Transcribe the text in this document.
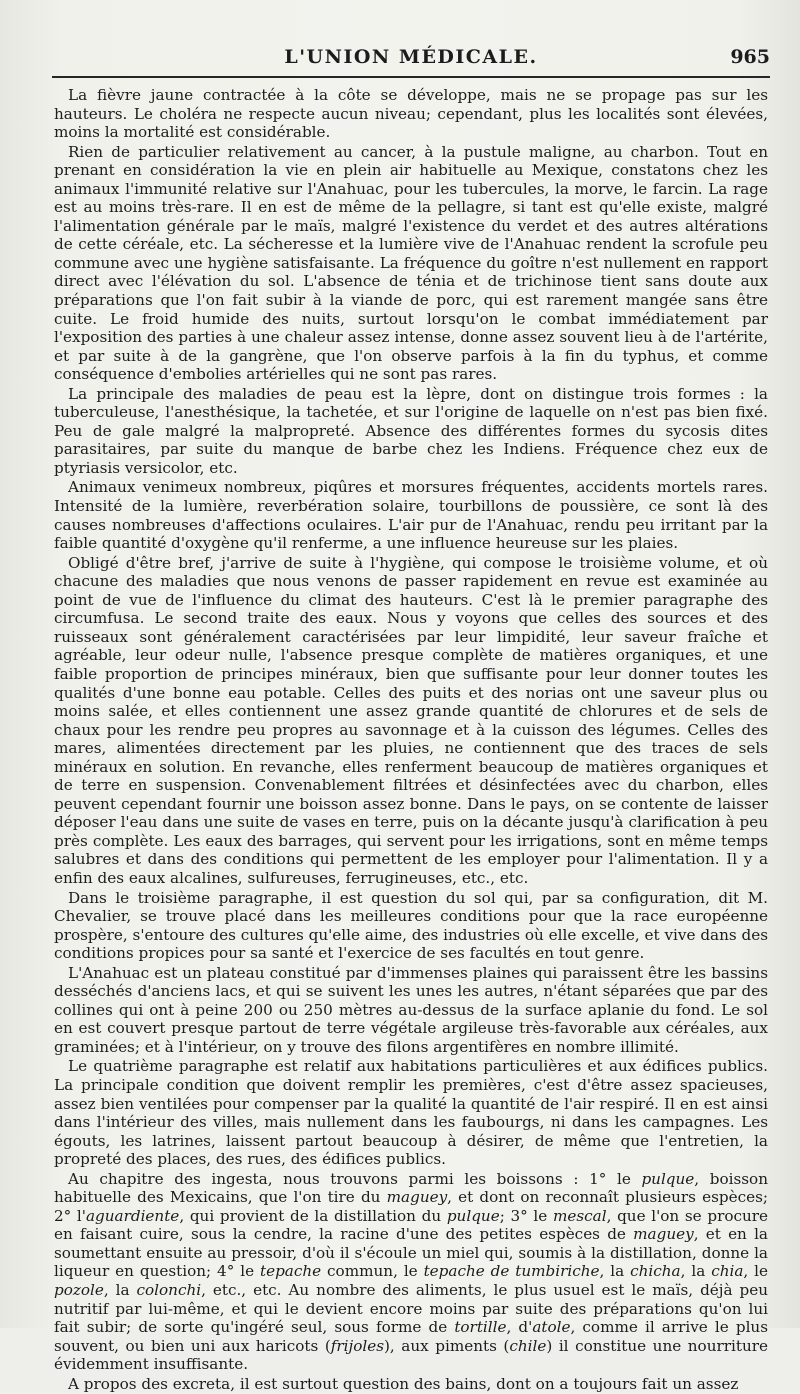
L'UNION MÉDICALE.	965

La fièvre jaune contractée à la côte se développe, mais ne se propage pas sur les hauteurs. Le choléra ne respecte aucun niveau; cependant, plus les localités sont élevées, moins la mortalité est considérable.

Rien de particulier relativement au cancer, à la pustule maligne, au charbon. Tout en prenant en considération la vie en plein air habituelle au Mexique, constatons chez les animaux l'immunité relative sur l'Anahuac, pour les tubercules, la morve, le farcin. La rage est au moins très-rare. Il en est de même de la pellagre, si tant est qu'elle existe, malgré l'alimentation générale par le maïs, malgré l'existence du verdet et des autres altérations de cette céréale, etc. La sécheresse et la lumière vive de l'Anahuac rendent la scrofule peu commune avec une hygiène satisfaisante. La fréquence du goître n'est nullement en rapport direct avec l'élévation du sol. L'absence de ténia et de trichinose tient sans doute aux préparations que l'on fait subir à la viande de porc, qui est rarement mangée sans être cuite. Le froid humide des nuits, surtout lorsqu'on le combat immédiatement par l'exposition des parties à une chaleur assez intense, donne assez souvent lieu à de l'artérite, et par suite à de la gangrène, que l'on observe parfois à la fin du typhus, et comme conséquence d'embolies artérielles qui ne sont pas rares.

La principale des maladies de peau est la lèpre, dont on distingue trois formes : la tuberculeuse, l'anesthésique, la tachetée, et sur l'origine de laquelle on n'est pas bien fixé. Peu de gale malgré la malpropreté. Absence des différentes formes du sycosis dites parasitaires, par suite du manque de barbe chez les Indiens. Fréquence chez eux de ptyriasis versicolor, etc.

Animaux venimeux nombreux, piqûres et morsures fréquentes, accidents mortels rares. Intensité de la lumière, reverbération solaire, tourbillons de poussière, ce sont là des causes nombreuses d'affections oculaires. L'air pur de l'Anahuac, rendu peu irritant par la faible quantité d'oxygène qu'il renferme, a une influence heureuse sur les plaies.

Obligé d'être bref, j'arrive de suite à l'hygiène, qui compose le troisième volume, et où chacune des maladies que nous venons de passer rapidement en revue est examinée au point de vue de l'influence du climat des hauteurs. C'est là le premier paragraphe des circumfusa. Le second traite des eaux. Nous y voyons que celles des sources et des ruisseaux sont généralement caractérisées par leur limpidité, leur saveur fraîche et agréable, leur odeur nulle, l'absence presque complète de matières organiques, et une faible proportion de principes minéraux, bien que suffisante pour leur donner toutes les qualités d'une bonne eau potable. Celles des puits et des norias ont une saveur plus ou moins salée, et elles contiennent une assez grande quantité de chlorures et de sels de chaux pour les rendre peu propres au savonnage et à la cuisson des légumes. Celles des mares, alimentées directement par les pluies, ne contiennent que des traces de sels minéraux en solution. En revanche, elles renferment beaucoup de matières organiques et de terre en suspension. Convenablement filtrées et désinfectées avec du charbon, elles peuvent cependant fournir une boisson assez bonne. Dans le pays, on se contente de laisser déposer l'eau dans une suite de vases en terre, puis on la décante jusqu'à clarification à peu près complète. Les eaux des barrages, qui servent pour les irrigations, sont en même temps salubres et dans des conditions qui permettent de les employer pour l'alimentation. Il y a enfin des eaux alcalines, sulfureuses, ferrugineuses, etc., etc.

Dans le troisième paragraphe, il est question du sol qui, par sa configuration, dit M. Chevalier, se trouve placé dans les meilleures conditions pour que la race européenne prospère, s'entoure des cultures qu'elle aime, des industries où elle excelle, et vive dans des conditions propices pour sa santé et l'exercice de ses facultés en tout genre.

L'Anahuac est un plateau constitué par d'immenses plaines qui paraissent être les bassins desséchés d'anciens lacs, et qui se suivent les unes les autres, n'étant séparées que par des collines qui ont à peine 200 ou 250 mètres au-dessus de la surface aplanie du fond. Le sol en est couvert presque partout de terre végétale argileuse très-favorable aux céréales, aux graminées; et à l'intérieur, on y trouve des filons argentifères en nombre illimité.

Le quatrième paragraphe est relatif aux habitations particulières et aux édifices publics. La principale condition que doivent remplir les premières, c'est d'être assez spacieuses, assez bien ventilées pour compenser par la qualité la quantité de l'air respiré. Il en est ainsi dans l'intérieur des villes, mais nullement dans les faubourgs, ni dans les campagnes. Les égouts, les latrines, laissent partout beaucoup à désirer, de même que l'entretien, la propreté des places, des rues, des édifices publics.

Au chapitre des ingesta, nous trouvons parmi les boissons : 1° le pulque, boisson habituelle des Mexicains, que l'on tire du maguey, et dont on reconnaît plusieurs espèces; 2° l'aguardiente, qui provient de la distillation du pulque; 3° le mescal, que l'on se procure en faisant cuire, sous la cendre, la racine d'une des petites espèces de maguey, et en la soumettant ensuite au pressoir, d'où il s'écoule un miel qui, soumis à la distillation, donne la liqueur en question; 4° le tepache commun, le tepache de tumbiriche, la chicha, la chia, le pozole, la colonchi, etc., etc. Au nombre des aliments, le plus usuel est le maïs, déjà peu nutritif par lui-même, et qui le devient encore moins par suite des préparations qu'on lui fait subir; de sorte qu'ingéré seul, sous forme de tortille, d'atole, comme il arrive le plus souvent, ou bien uni aux haricots (frijoles), aux piments (chile) il constitue une nourriture évidemment insuffisante.

A propos des excreta, il est surtout question des bains, dont on a toujours fait un assez
